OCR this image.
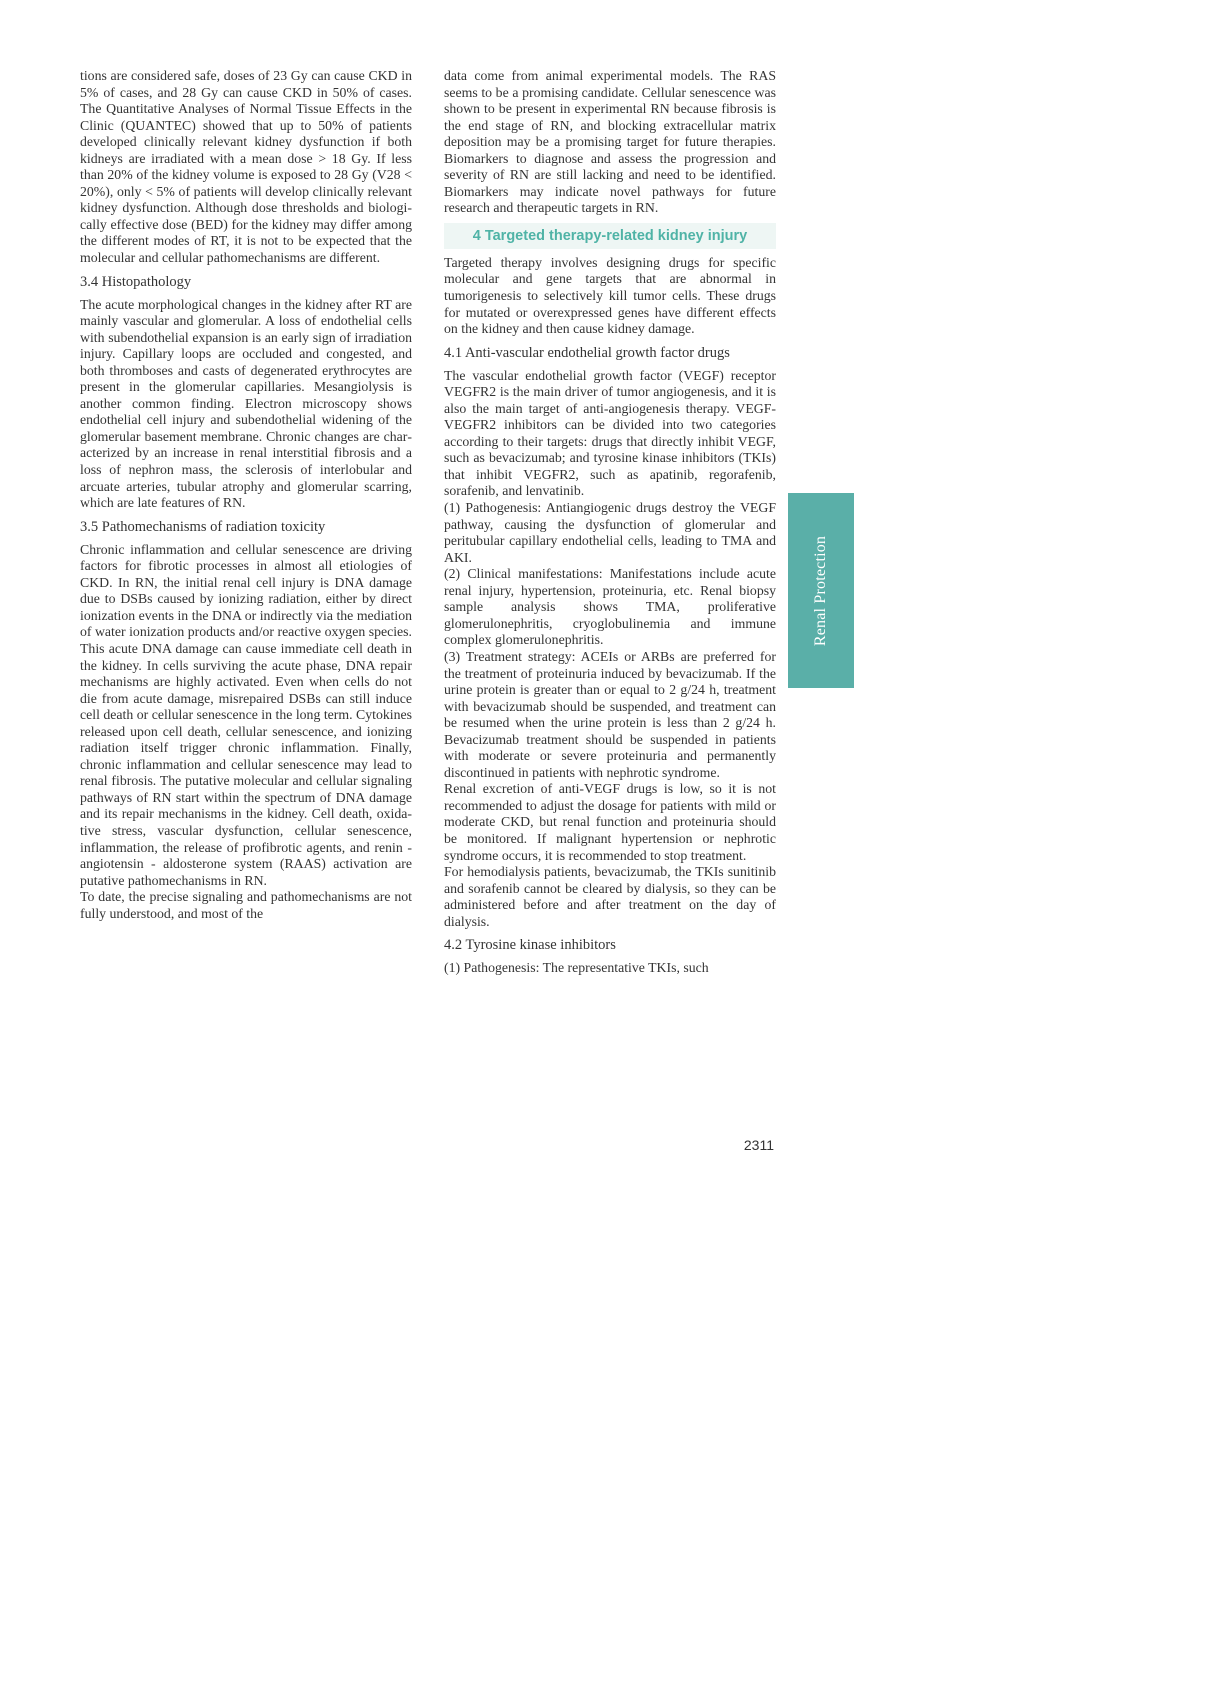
tions are considered safe, doses of 23 Gy can cause CKD in 5% of cases, and 28 Gy can cause CKD in 50% of cases. The Quantitative Analyses of Normal Tissue Effects in the Clinic (QUANTEC) showed that up to 50% of patients developed clinically relevant kidney dysfunction if both kidneys are irradiated with a mean dose > 18 Gy. If less than 20% of the kidney volume is exposed to 28 Gy (V28 < 20%), only < 5% of patients will develop clinically relevant kidney dysfunction. Although dose thresholds and biologically effective dose (BED) for the kidney may differ among the different modes of RT, it is not to be expected that the molecular and cellular pathomechanisms are different.

3.4 Histopathology

The acute morphological changes in the kidney after RT are mainly vascular and glomerular. A loss of endothelial cells with subendothelial expansion is an early sign of irradiation injury. Capillary loops are occluded and congested, and both thromboses and casts of degenerated erythrocytes are present in the glomerular capillaries. Mesangiolysis is another common finding. Electron microscopy shows endothelial cell injury and subendothelial widening of the glomerular basement membrane. Chronic changes are characterized by an increase in renal interstitial fibrosis and a loss of nephron mass, the sclerosis of interlobular and arcuate arteries, tubular atrophy and glomerular scarring, which are late features of RN.

3.5 Pathomechanisms of radiation toxicity

Chronic inflammation and cellular senescence are driving factors for fibrotic processes in almost all etiologies of CKD. In RN, the initial renal cell injury is DNA damage due to DSBs caused by ionizing radiation, either by direct ionization events in the DNA or indirectly via the mediation of water ionization products and/or reactive oxygen species. This acute DNA damage can cause immediate cell death in the kidney. In cells surviving the acute phase, DNA repair mechanisms are highly activated. Even when cells do not die from acute damage, misrepaired DSBs can still induce cell death or cellular senescence in the long term. Cytokines released upon cell death, cellular senescence, and ionizing radiation itself trigger chronic inflammation. Finally, chronic inflammation and cellular senescence may lead to renal fibrosis. The putative molecular and cellular signaling pathways of RN start within the spectrum of DNA damage and its repair mechanisms in the kidney. Cell death, oxidative stress, vascular dysfunction, cellular senescence, inflammation, the release of profibrotic agents, and renin - angiotensin - aldosterone system (RAAS) activation are putative pathomechanisms in RN.

To date, the precise signaling and pathomechanisms are not fully understood, and most of the

data come from animal experimental models. The RAS seems to be a promising candidate. Cellular senescence was shown to be present in experimental RN because fibrosis is the end stage of RN, and blocking extracellular matrix deposition may be a promising target for future therapies. Biomarkers to diagnose and assess the progression and severity of RN are still lacking and need to be identified. Biomarkers may indicate novel pathways for future research and therapeutic targets in RN.

4 Targeted therapy-related kidney injury

Targeted therapy involves designing drugs for specific molecular and gene targets that are abnormal in tumorigenesis to selectively kill tumor cells. These drugs for mutated or overexpressed genes have different effects on the kidney and then cause kidney damage.

4.1 Anti-vascular endothelial growth factor drugs

The vascular endothelial growth factor (VEGF) receptor VEGFR2 is the main driver of tumor angiogenesis, and it is also the main target of anti-angiogenesis therapy. VEGF-VEGFR2 inhibitors can be divided into two categories according to their targets: drugs that directly inhibit VEGF, such as bevacizumab; and tyrosine kinase inhibitors (TKIs) that inhibit VEGFR2, such as apatinib, regorafenib, sorafenib, and lenvatinib.

(1) Pathogenesis: Antiangiogenic drugs destroy the VEGF pathway, causing the dysfunction of glomerular and peritubular capillary endothelial cells, leading to TMA and AKI.

(2) Clinical manifestations: Manifestations include acute renal injury, hypertension, proteinuria, etc. Renal biopsy sample analysis shows TMA, proliferative glomerulonephritis, cryoglobulinemia and immune complex glomerulonephritis.

(3) Treatment strategy: ACEIs or ARBs are preferred for the treatment of proteinuria induced by bevacizumab. If the urine protein is greater than or equal to 2 g/24 h, treatment with bevacizumab should be suspended, and treatment can be resumed when the urine protein is less than 2 g/24 h. Bevacizumab treatment should be suspended in patients with moderate or severe proteinuria and permanently discontinued in patients with nephrotic syndrome.

Renal excretion of anti-VEGF drugs is low, so it is not recommended to adjust the dosage for patients with mild or moderate CKD, but renal function and proteinuria should be monitored. If malignant hypertension or nephrotic syndrome occurs, it is recommended to stop treatment.

For hemodialysis patients, bevacizumab, the TKIs sunitinib and sorafenib cannot be cleared by dialysis, so they can be administered before and after treatment on the day of dialysis.

4.2 Tyrosine kinase inhibitors

(1) Pathogenesis: The representative TKIs, such

Renal Protection
2311
